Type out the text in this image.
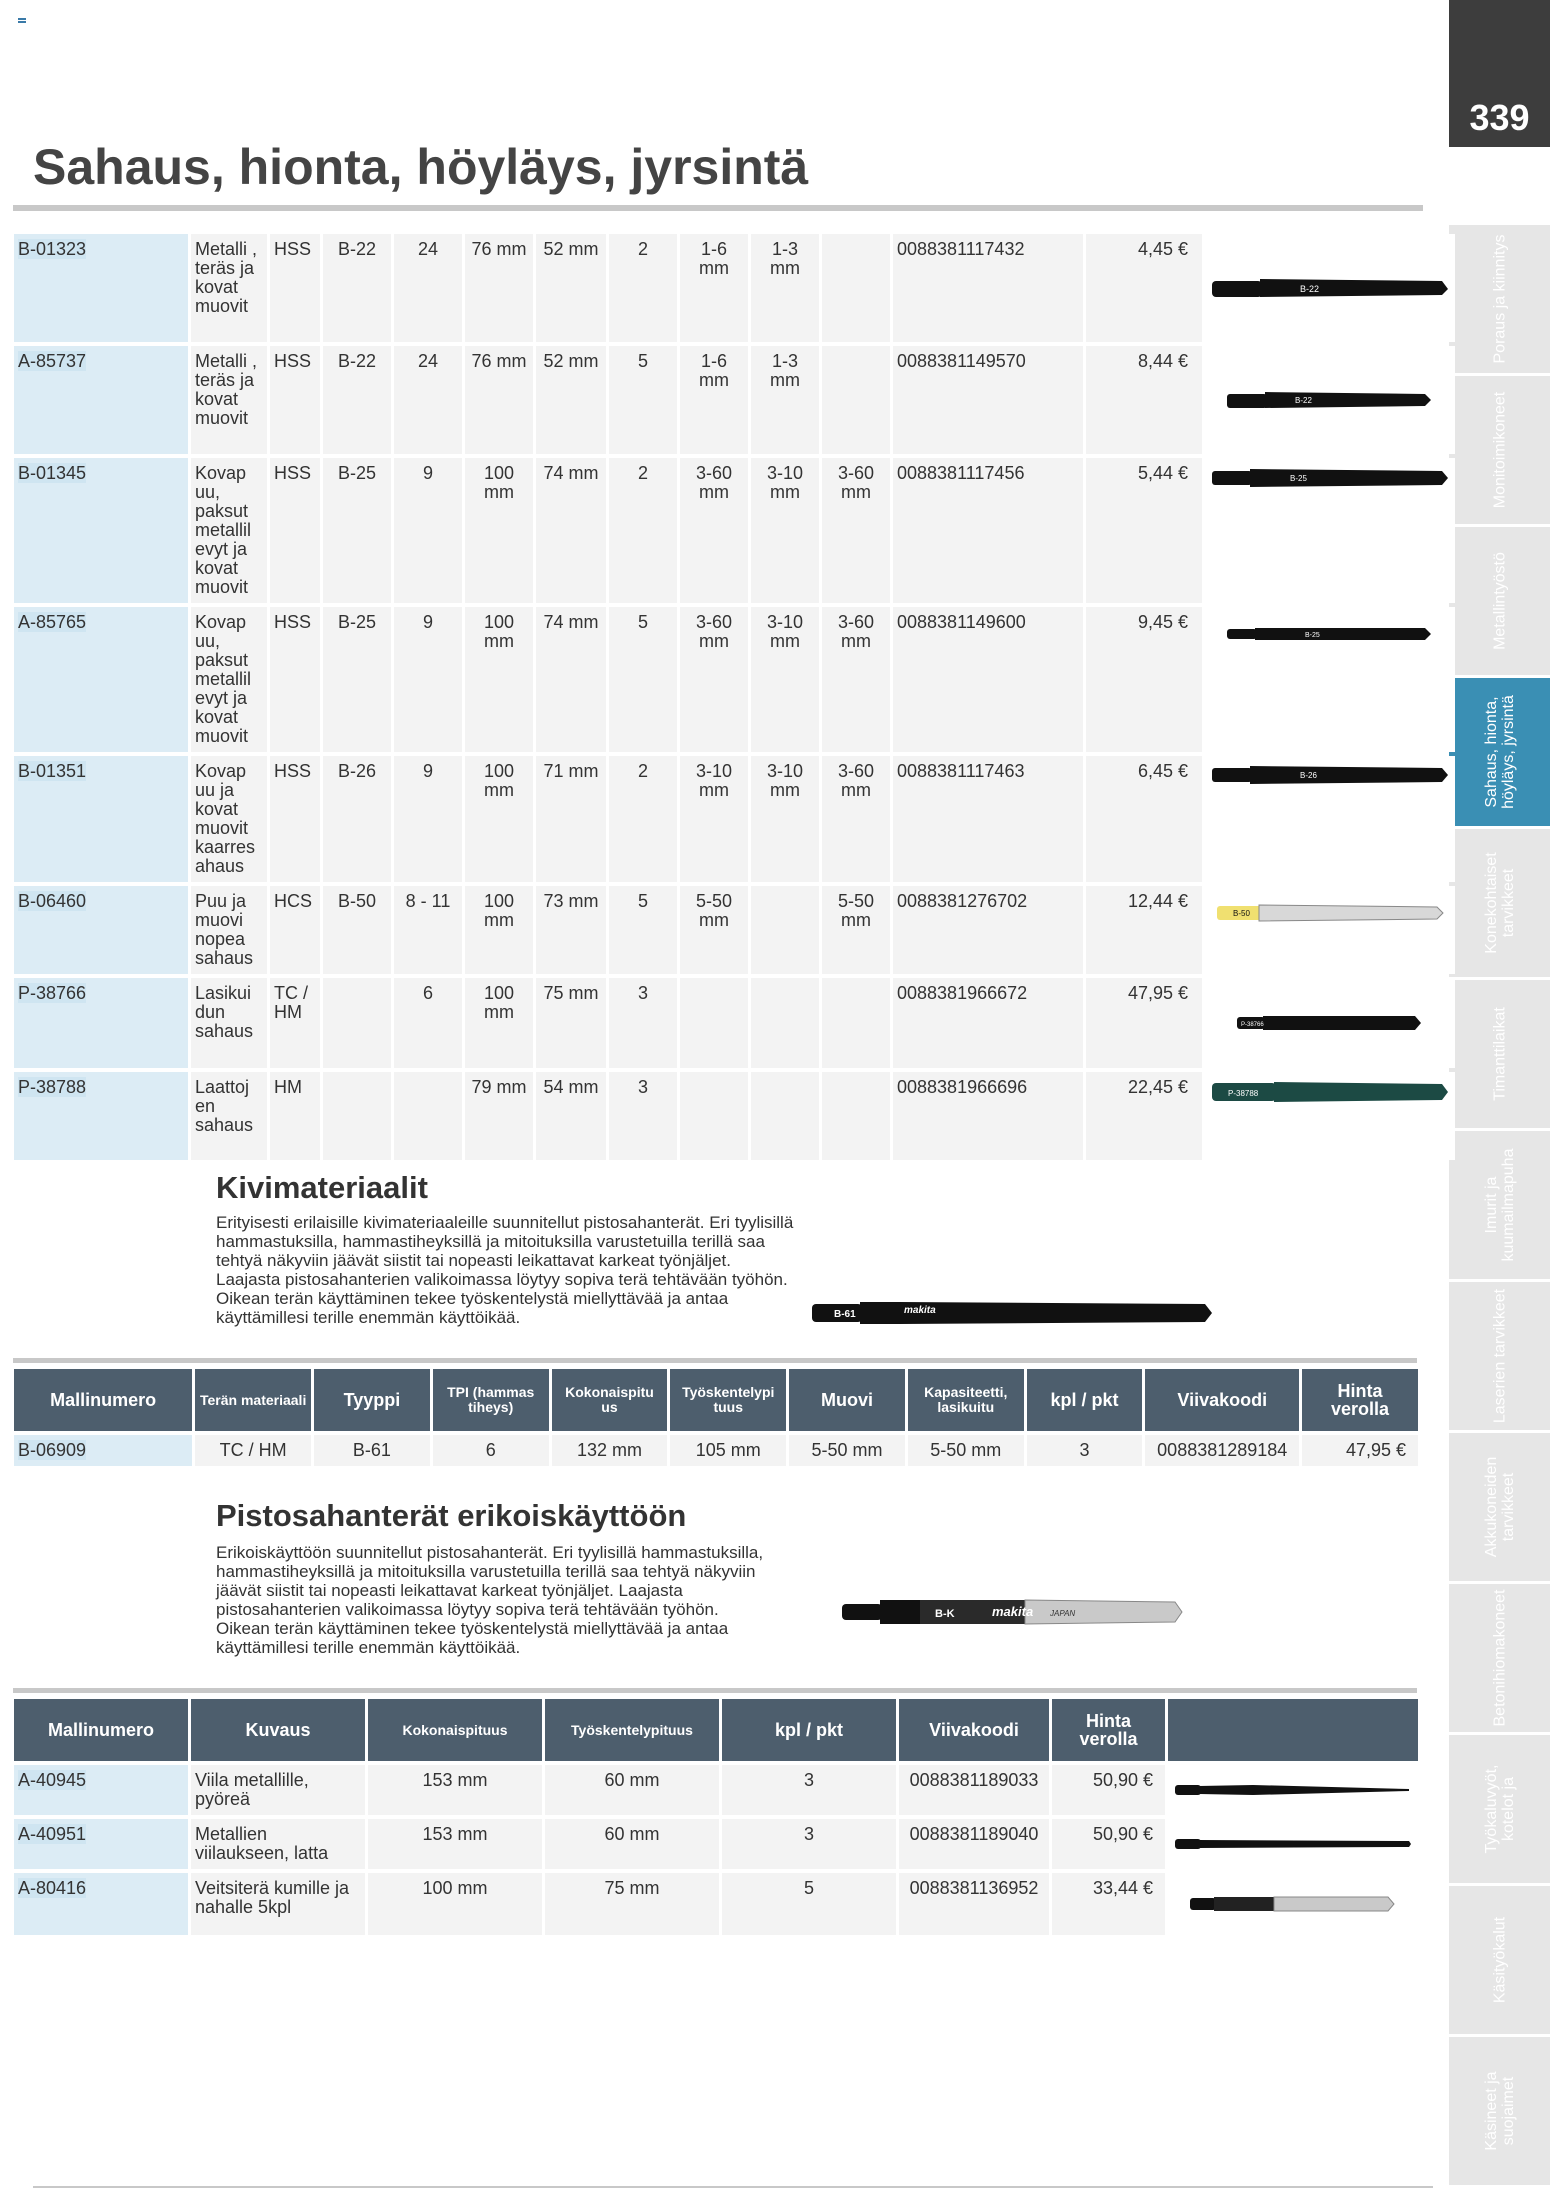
339
Poraus ja kiinnitys
Monitoimikoneet
Metallintyöstö
Sahaus, hionta, höyläys, jyrsintä
Konekohtaiset tarvikkeet
Timanttilaikat
Imurit ja kuumailmapuha
Laserien tarvikkeet
Akkukoneiden tarvikkeet
Betonihiomakoneet
Työkaluvyöt, kotelot ja
Käsityökalut
Käsineet ja suojaimet
Sahaus, hionta, höyläys, jyrsintä
B-01323	Metalli , teräs ja kovat muovit	HSS	B-22	24	76 mm	52 mm	2	1-6 mm	1-3 mm		0088381117432	4,45 €	B-22

A-85737	Metalli , teräs ja kovat muovit	HSS	B-22	24	76 mm	52 mm	5	1-6 mm	1-3 mm		0088381149570	8,44 €	B-22

B-01345	Kovap uu, paksut metallil evyt ja kovat muovit	HSS	B-25	9	100 mm	74 mm	2	3-60 mm	3-10 mm	3-60 mm	0088381117456	5,44 €	B-25

A-85765	Kovap uu, paksut metallil evyt ja kovat muovit	HSS	B-25	9	100 mm	74 mm	5	3-60 mm	3-10 mm	3-60 mm	0088381149600	9,45 €	B-25

B-01351	Kovap uu ja kovat muovit kaarres ahaus	HSS	B-26	9	100 mm	71 mm	2	3-10 mm	3-10 mm	3-60 mm	0088381117463	6,45 €	B-26

B-06460	Puu ja muovi nopea sahaus	HCS	B-50	8 - 11	100 mm	73 mm	5	5-50 mm		5-50 mm	0088381276702	12,44 €	B-50

P-38766	Lasikui dun sahaus	TC / HM		6	100 mm	75 mm	3				0088381966672	47,95 €	P-38766

P-38788	Laattoj en sahaus	HM			79 mm	54 mm	3				0088381966696	22,45 €	P-38788
Kivimateriaalit

Erityisesti erilaisille kivimateriaaleille suunnitellut pistosahanterät. Eri tyylisillä hammastuksilla, hammastiheyksillä ja mitoituksilla varustetuilla terillä saa tehtyä näkyviin jäävät siistit tai nopeasti leikattavat karkeat työnjäljet. Laajasta pistosahanterien valikoimassa löytyy sopiva terä tehtävään työhön. Oikean terän käyttäminen tekee työskentelystä miellyttävää ja antaa käyttämillesi terille enemmän käyttöikää.	B-61	makita
Mallinumero	Terän materiaali	Tyyppi	TPI (hammas tiheys)	Kokonaispitu us	Työskentelypi tuus	Muovi	Kapasiteetti, lasikuitu	kpl / pkt	Viivakoodi	Hinta verolla
B-06909	TC / HM	B-61	6	132 mm	105 mm	5-50 mm	5-50 mm	3	0088381289184	47,95 €
Pistosahanterät erikoiskäyttöön

Erikoiskäyttöön suunnitellut pistosahanterät. Eri tyylisillä hammastuksilla, hammastiheyksillä ja mitoituksilla varustetuilla terillä saa tehtyä näkyviin jäävät siistit tai nopeasti leikattavat karkeat työnjäljet. Laajasta pistosahanterien valikoimassa löytyy sopiva terä tehtävään työhön. Oikean terän käyttäminen tekee työskentelystä miellyttävää ja antaa käyttämillesi terille enemmän käyttöikää.

B-K	makita JAPAN
Mallinumero	Kuvaus	Kokonaispituus	Työskentelypituus	kpl / pkt	Viivakoodi	Hinta verolla	
A-40945	Viila metallille, pyöreä	153 mm	60 mm	3	0088381189033	50,90 €	

A-40951	Metallien viilaukseen, latta	153 mm	60 mm	3	0088381189040	50,90 €	

A-80416	Veitsiterä kumille ja nahalle 5kpl	100 mm	75 mm	5	0088381136952	33,44 €	
